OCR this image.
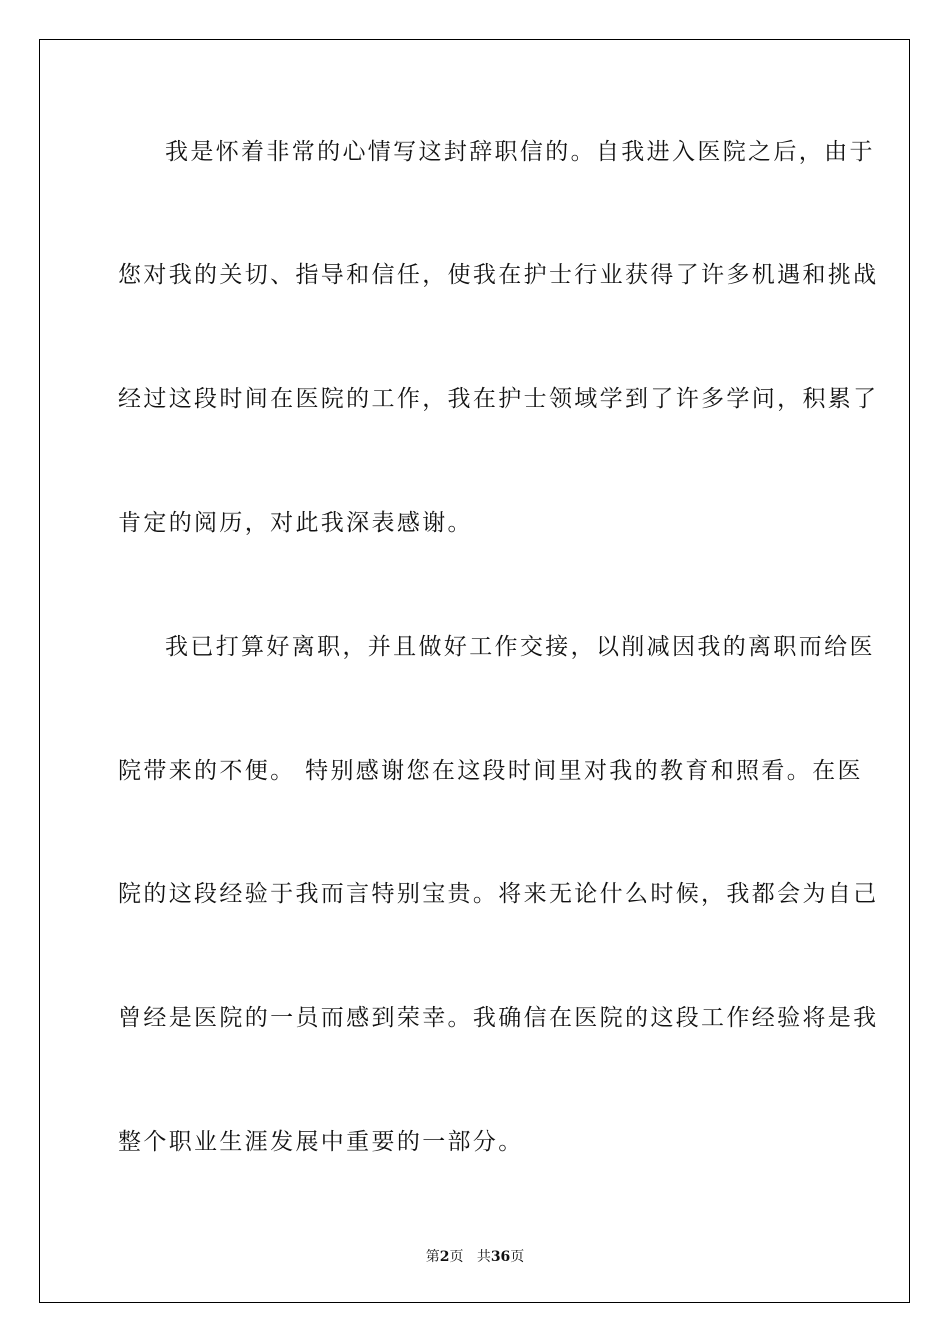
我是怀着非常的心情写这封辞职信的。自我进入医院之后，由于
您对我的关切、指导和信任，使我在护士行业获得了许多机遇和挑战
经过这段时间在医院的工作，我在护士领域学到了许多学问，积累了
肯定的阅历，对此我深表感谢。
我已打算好离职，并且做好工作交接，以削减因我的离职而给医
院带来的不便。 特别感谢您在这段时间里对我的教育和照看。在医
院的这段经验于我而言特别宝贵。将来无论什么时候，我都会为自己
曾经是医院的一员而感到荣幸。我确信在医院的这段工作经验将是我
整个职业生涯发展中重要的一部分。
第2页 共36页
